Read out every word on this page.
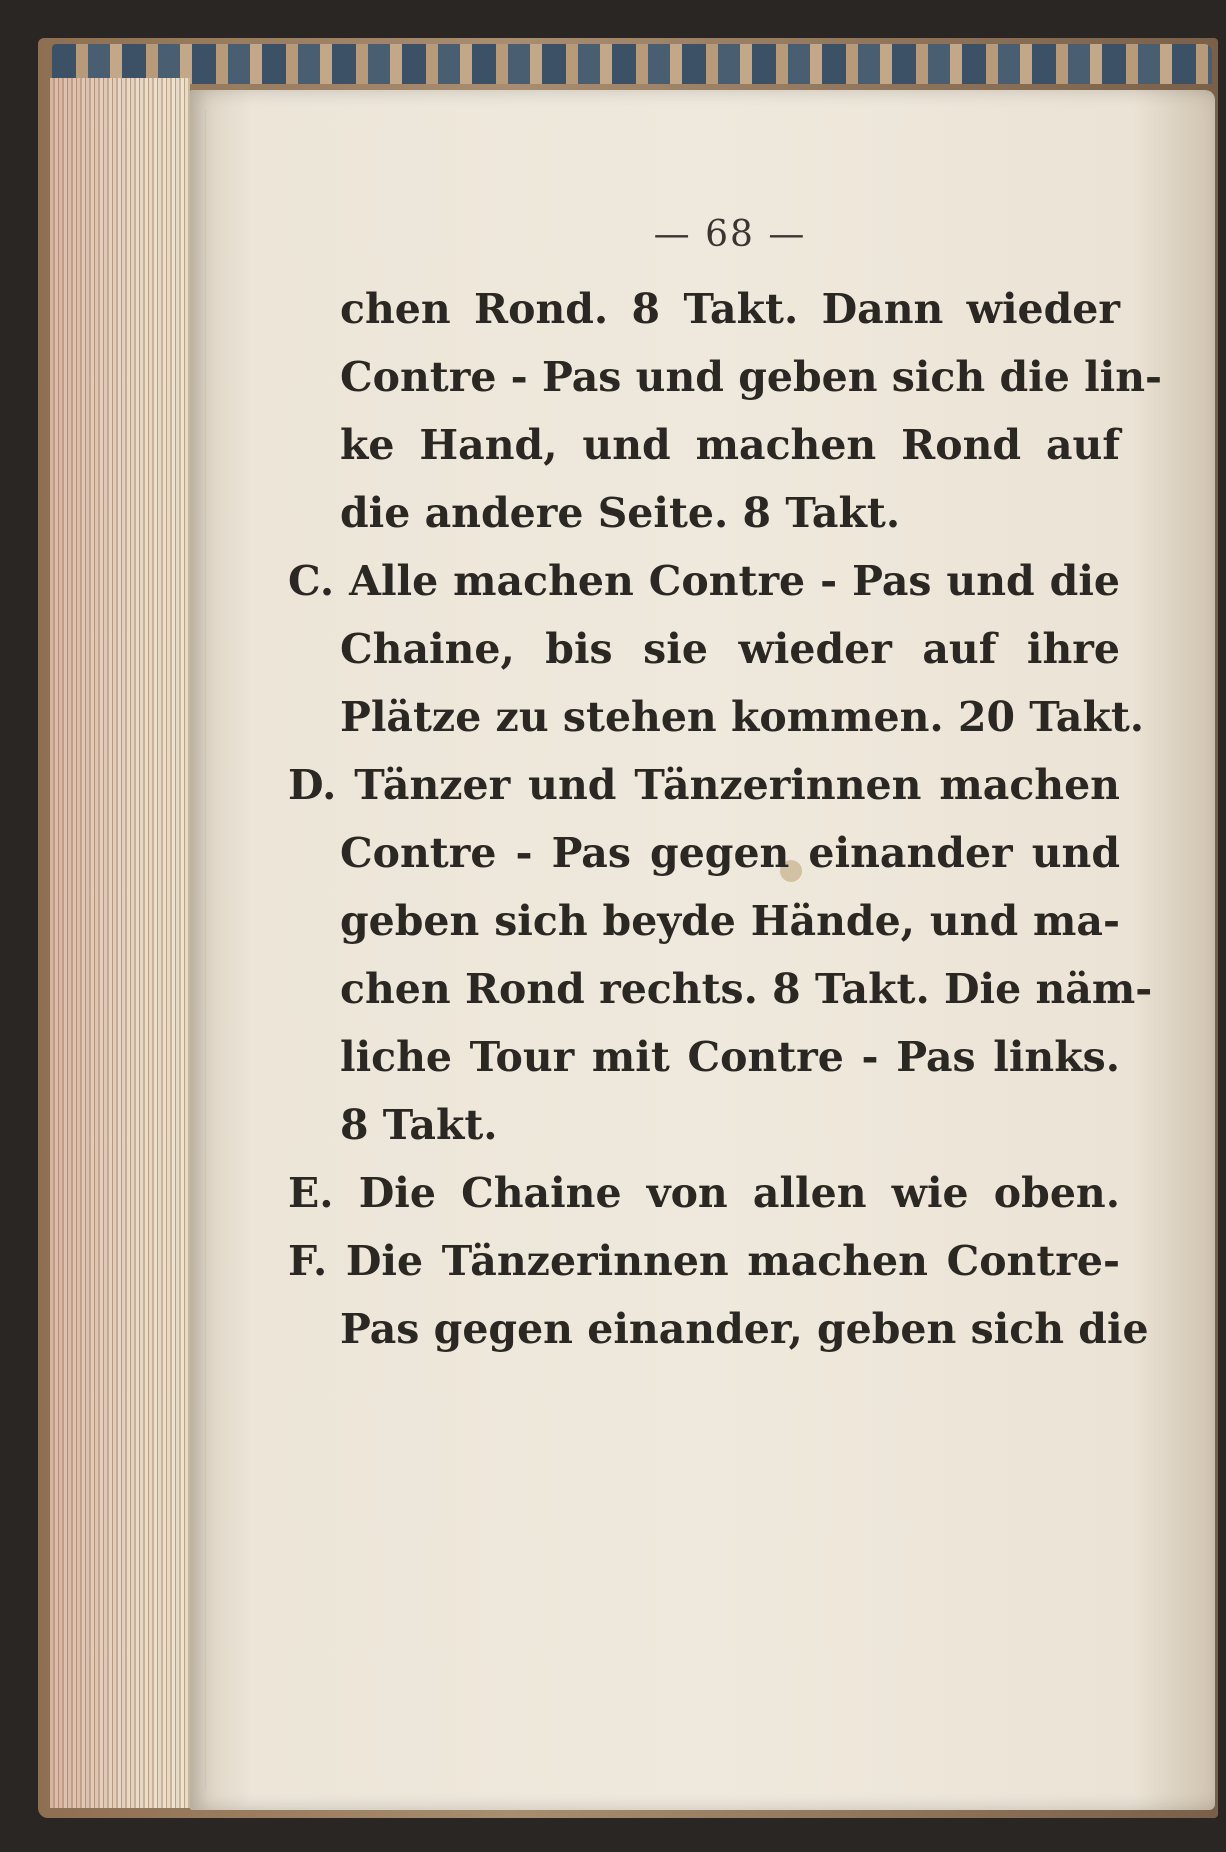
— 68 —
chen Rond. 8 Takt. Dann wieder
Contre - Pas und geben sich die lin-
ke Hand, und machen Rond auf
die andere Seite. 8 Takt.
C. Alle machen Contre - Pas und die
Chaine, bis sie wieder auf ihre
Plätze zu stehen kommen. 20 Takt.
D. Tänzer und Tänzerinnen machen
Contre - Pas gegen einander und
geben sich beyde Hände, und ma-
chen Rond rechts. 8 Takt. Die näm-
liche Tour mit Contre - Pas links.
8 Takt.
E. Die Chaine von allen wie oben.
F. Die Tänzerinnen machen Contre-
Pas gegen einander, geben sich die
